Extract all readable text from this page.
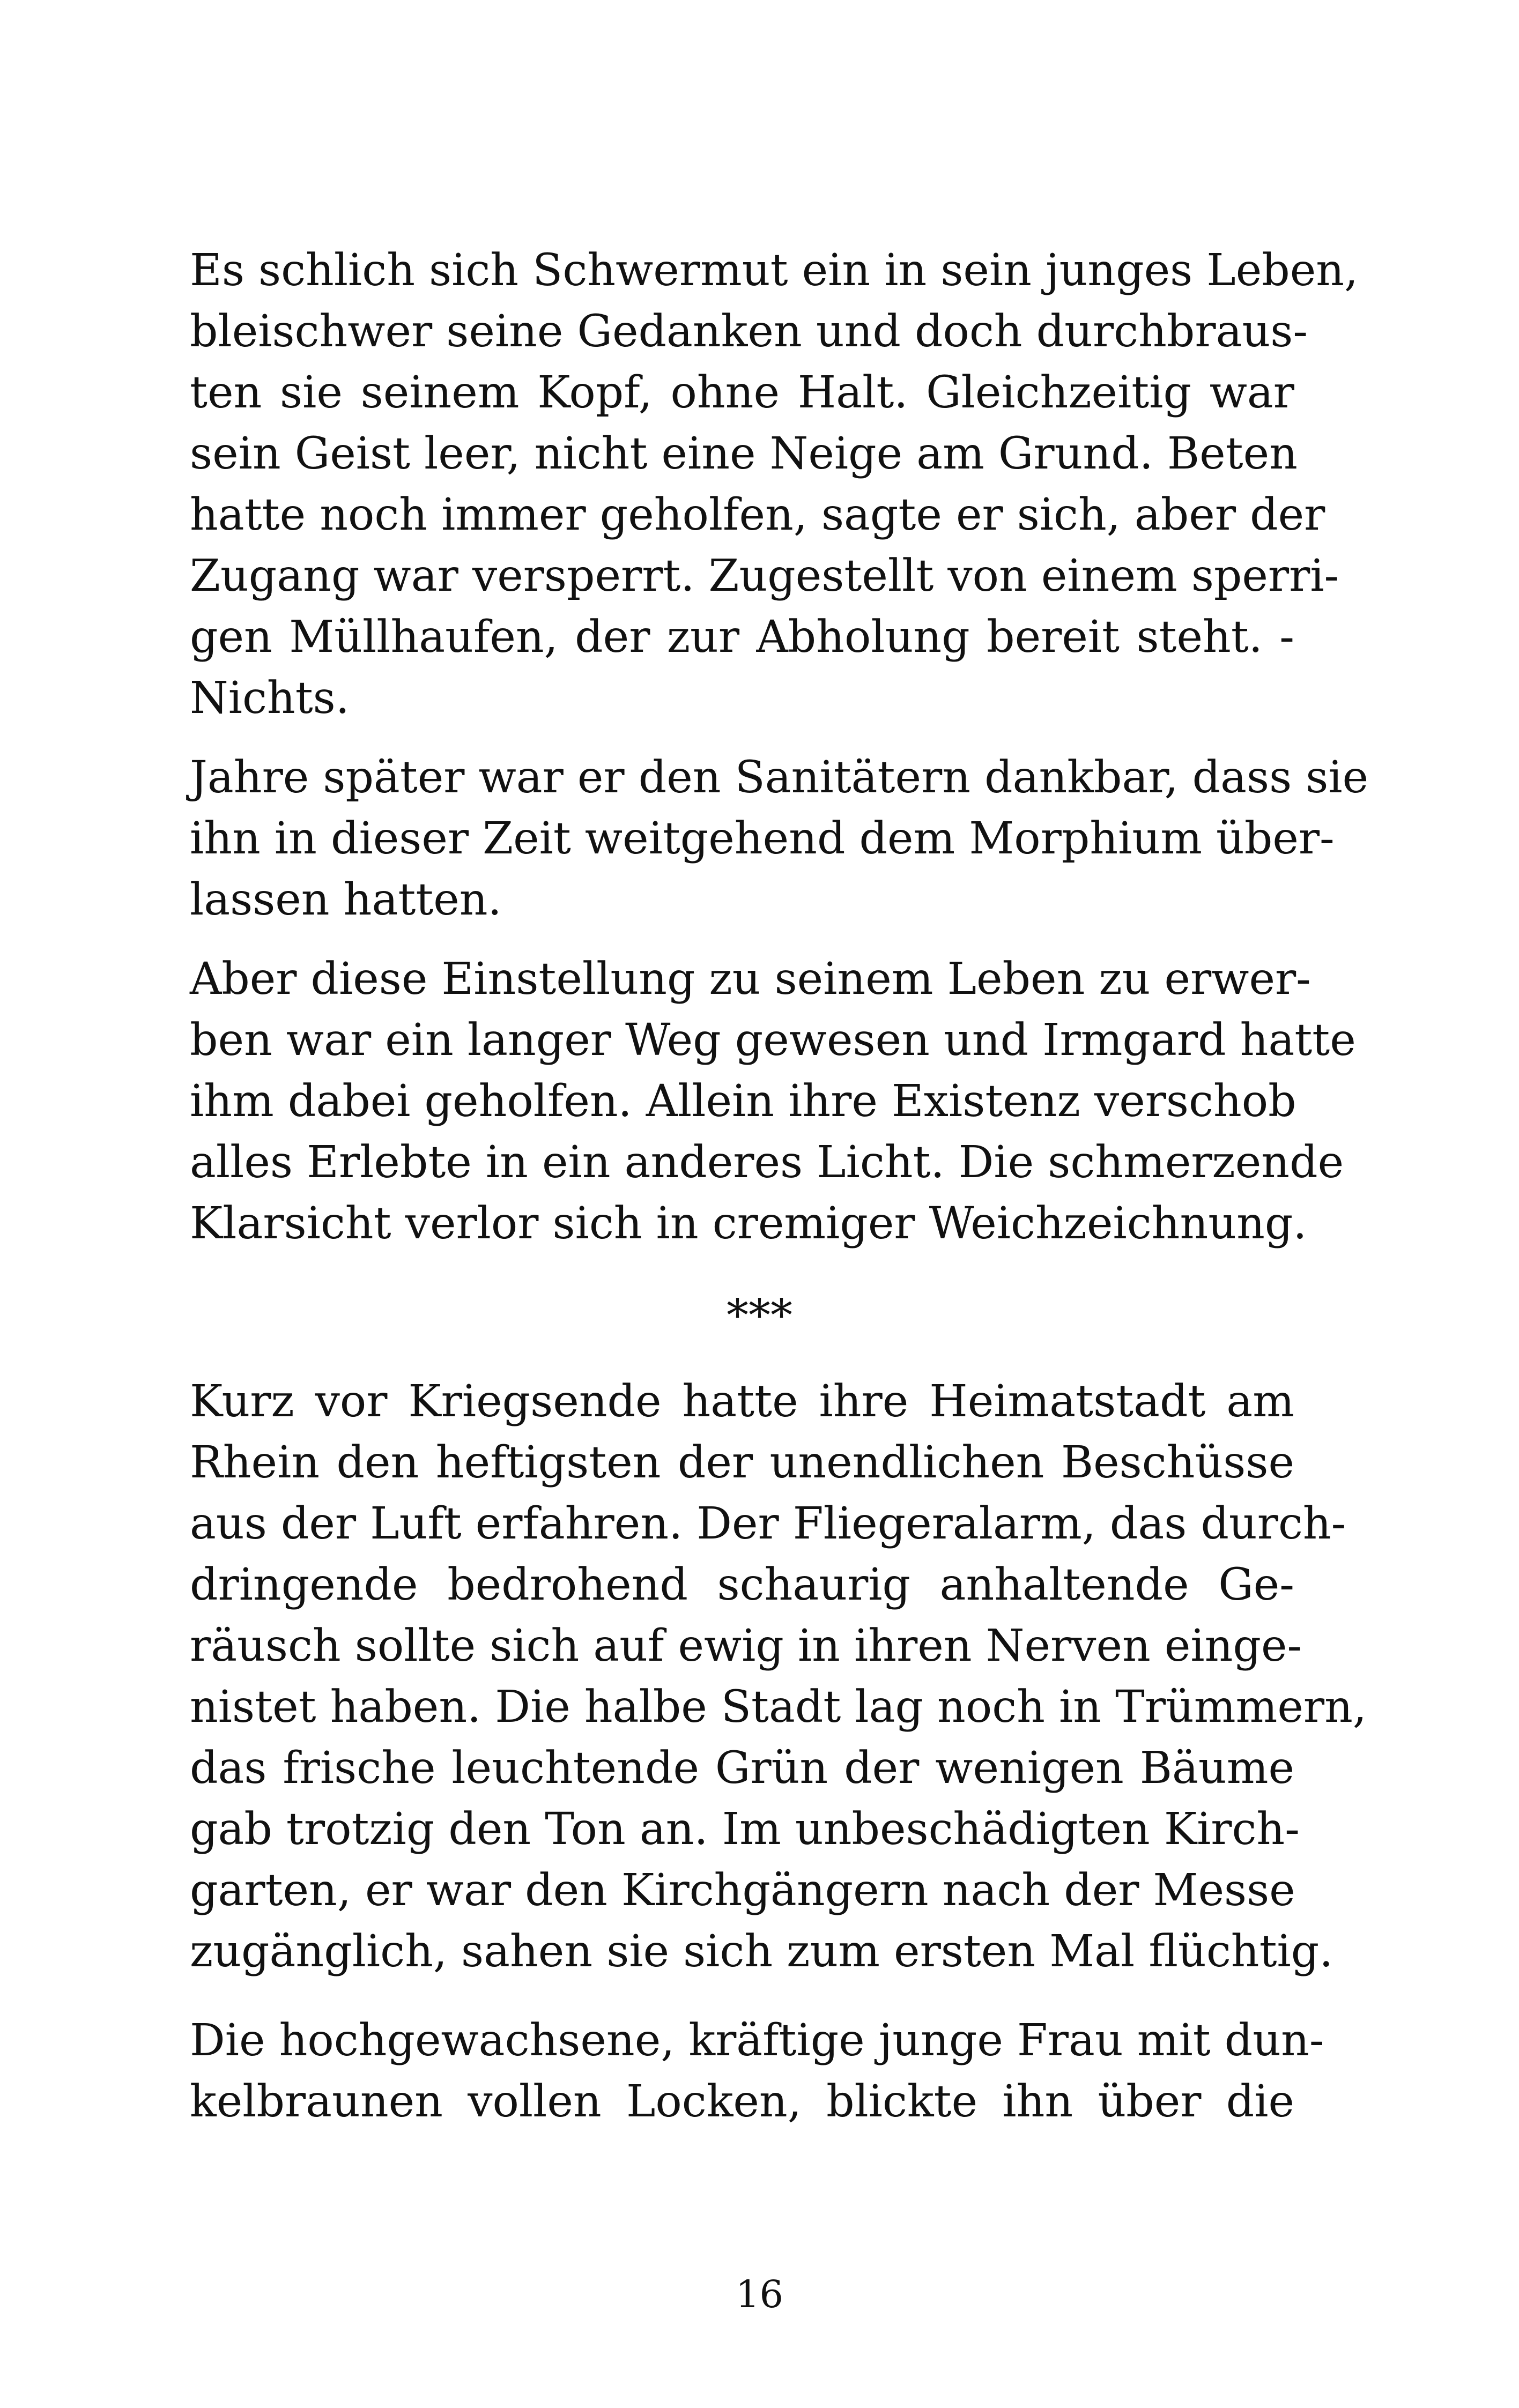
Es schlich sich Schwermut ein in sein junges Leben,
bleischwer seine Gedanken und doch durchbraus-
ten sie seinem Kopf, ohne Halt. Gleichzeitig war
sein Geist leer, nicht eine Neige am Grund. Beten
hatte noch immer geholfen, sagte er sich, aber der
Zugang war versperrt. Zugestellt von einem sperri-
gen Müllhaufen, der zur Abholung bereit steht. -
Nichts.
Jahre später war er den Sanitätern dankbar, dass sie
ihn in dieser Zeit weitgehend dem Morphium über-
lassen hatten.
Aber diese Einstellung zu seinem Leben zu erwer-
ben war ein langer Weg gewesen und Irmgard hatte
ihm dabei geholfen. Allein ihre Existenz verschob
alles Erlebte in ein anderes Licht. Die schmerzende
Klarsicht verlor sich in cremiger Weichzeichnung.
***
Kurz vor Kriegsende hatte ihre Heimatstadt am
Rhein den heftigsten der unendlichen Beschüsse
aus der Luft erfahren. Der Fliegeralarm, das durch-
dringende bedrohend schaurig anhaltende Ge-
räusch sollte sich auf ewig in ihren Nerven einge-
nistet haben. Die halbe Stadt lag noch in Trümmern,
das frische leuchtende Grün der wenigen Bäume
gab trotzig den Ton an. Im unbeschädigten Kirch-
garten, er war den Kirchgängern nach der Messe
zugänglich, sahen sie sich zum ersten Mal flüchtig.
Die hochgewachsene, kräftige junge Frau mit dun-
kelbraunen vollen Locken, blickte ihn über die
16
